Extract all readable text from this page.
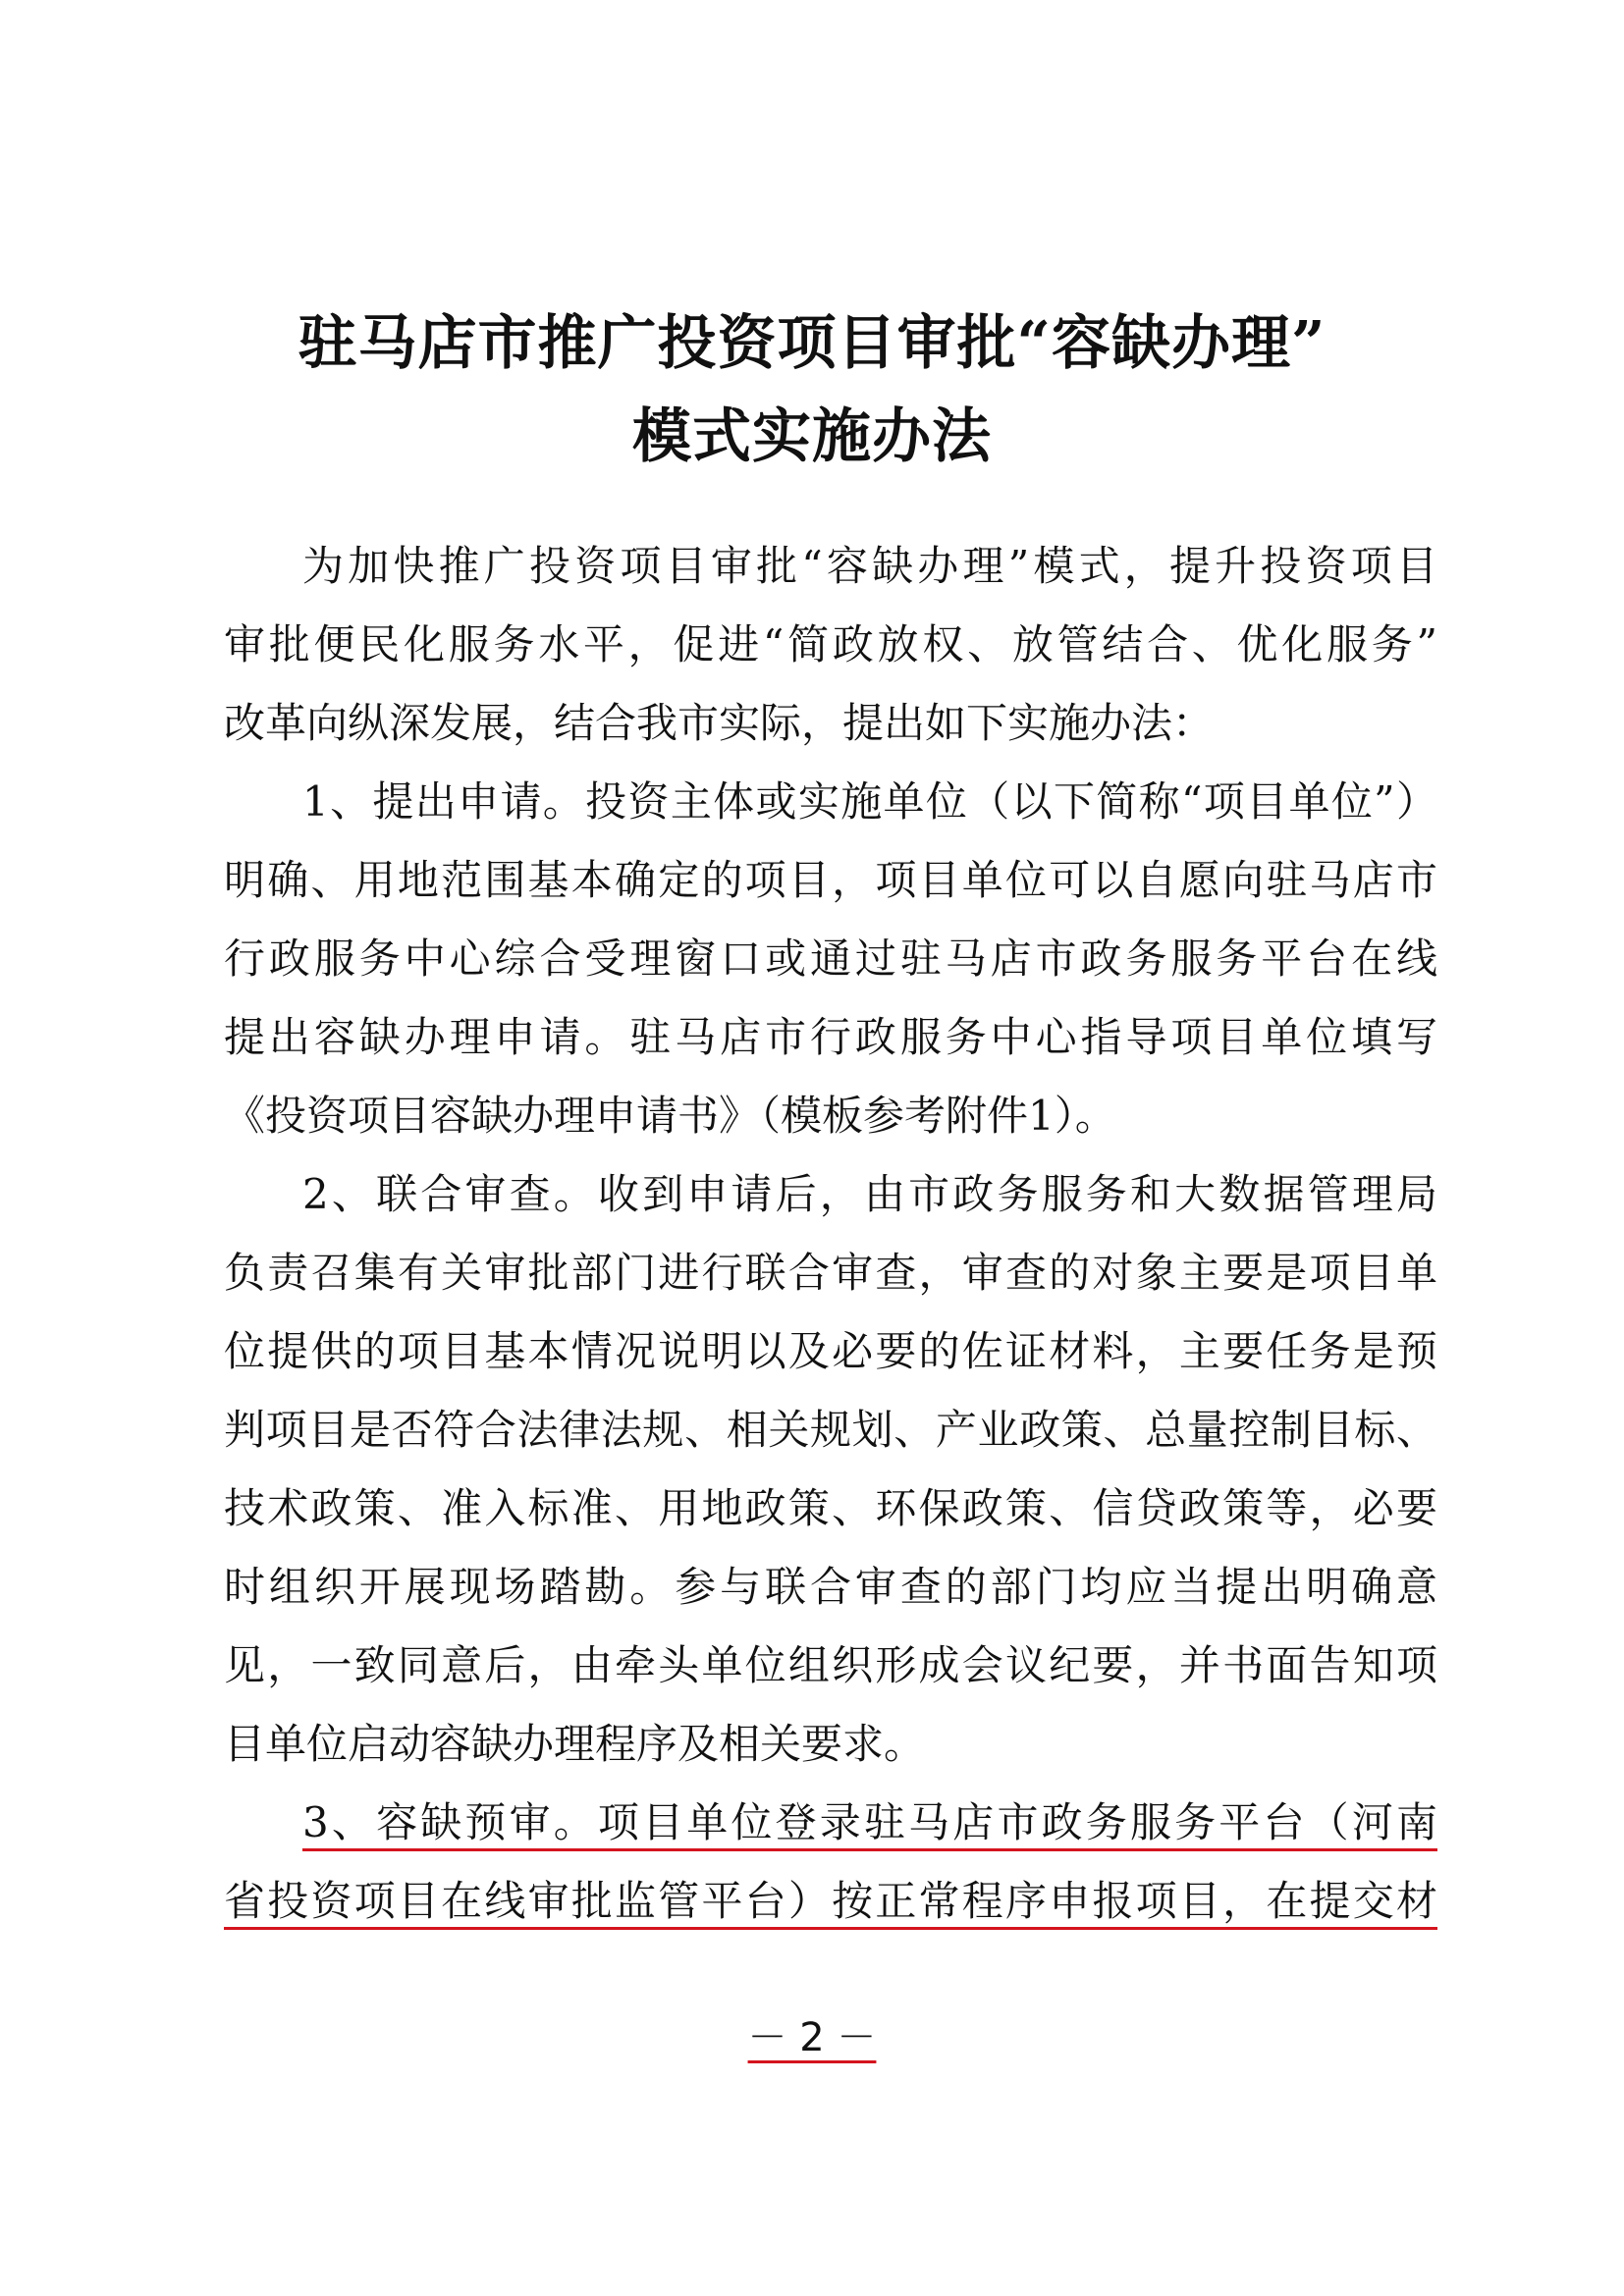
驻马店市推广投资项目审批“容缺办理”
模式实施办法
为加快推广投资项目审批“容缺办理”模式，提升投资项目
审批便民化服务水平，促进“简政放权、放管结合、优化服务”
改革向纵深发展，结合我市实际，提出如下实施办法：
1、提出申请。投资主体或实施单位（以下简称“项目单位”）
明确、用地范围基本确定的项目，项目单位可以自愿向驻马店市
行政服务中心综合受理窗口或通过驻马店市政务服务平台在线
提出容缺办理申请。驻马店市行政服务中心指导项目单位填写
《投资项目容缺办理申请书》（模板参考附件1）。
2、联合审查。收到申请后，由市政务服务和大数据管理局
负责召集有关审批部门进行联合审查，审查的对象主要是项目单
位提供的项目基本情况说明以及必要的佐证材料，主要任务是预
判项目是否符合法律法规、相关规划、产业政策、总量控制目标、
技术政策、准入标准、用地政策、环保政策、信贷政策等，必要
时组织开展现场踏勘。参与联合审查的部门均应当提出明确意
见，一致同意后，由牵头单位组织形成会议纪要，并书面告知项
目单位启动容缺办理程序及相关要求。
3、容缺预审。项目单位登录驻马店市政务服务平台（河南
省投资项目在线审批监管平台）按正常程序申报项目，在提交材
－ 2 －
